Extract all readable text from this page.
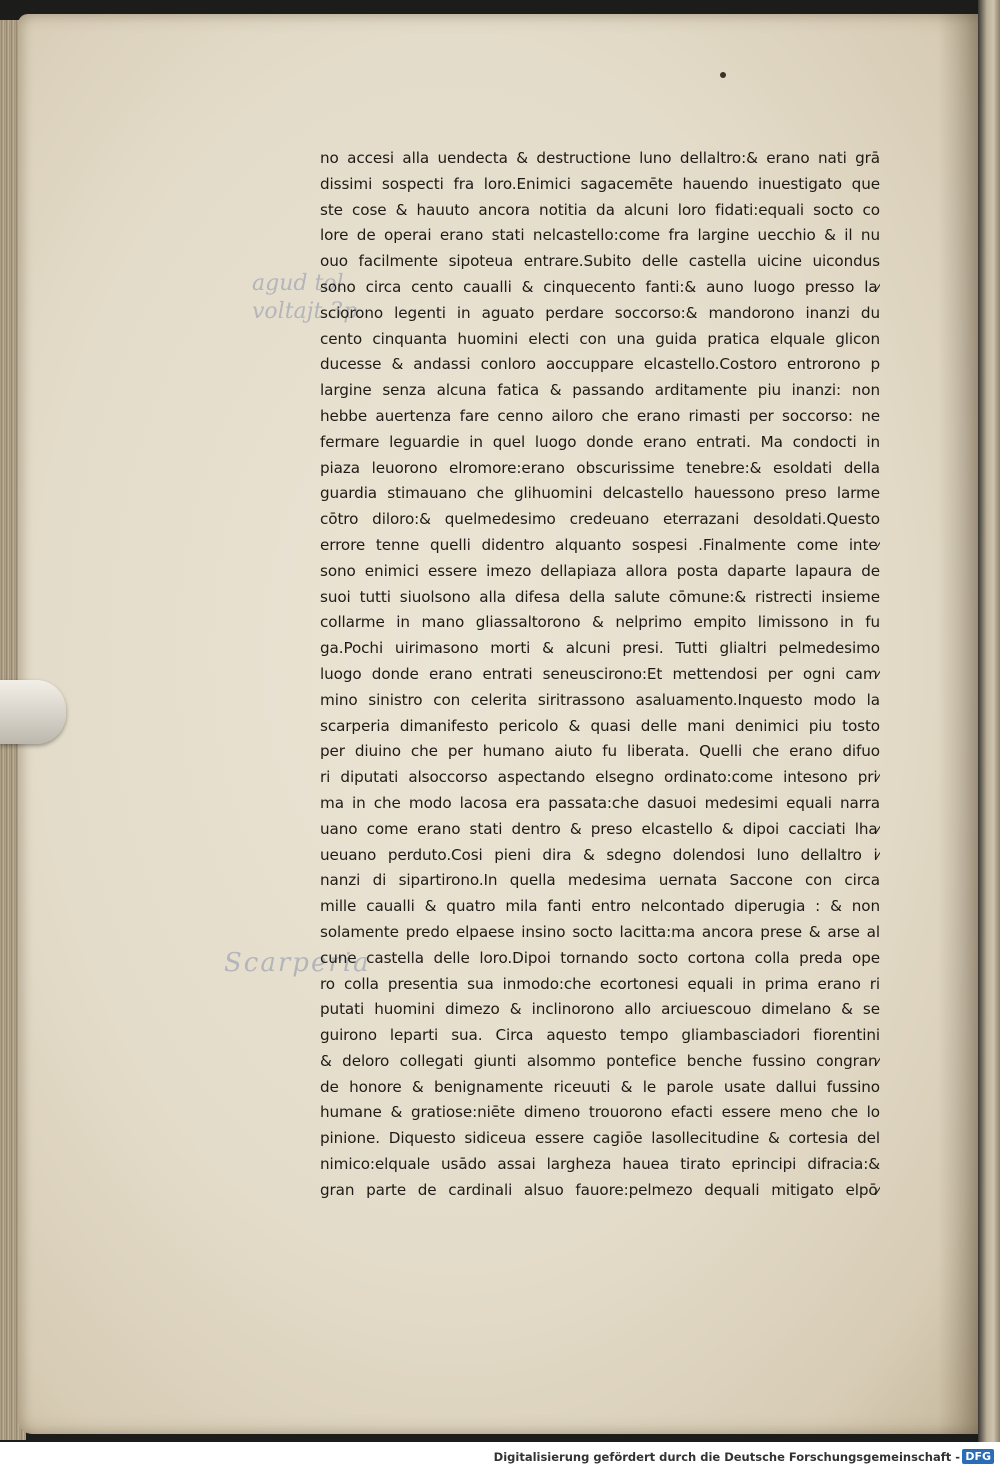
agud tol
voltajt 3p
Scarperia
no accesi alla uendecta & destructione luno dellaltro:& erano nati grā
dissimi sospecti fra loro.Enimici sagacemēte hauendo inuestigato que
ste cose & hauuto ancora notitia da alcuni loro fidati:equali socto co
lore de operai erano stati nelcastello:come fra largine uecchio & il nu
ouo facilmente sipoteua entrare.Subito delle castella uicine uicondus
sono circa cento caualli & cinquecento fanti:& auno luogo presso la⁄
sciorono legenti in aguato perdare soccorso:& mandorono inanzi du
cento cinquanta huomini electi con una guida pratica elquale glicon
ducesse & andassi conloro aoccuppare elcastello.Costoro entrorono p
largine senza alcuna fatica & passando arditamente piu inanzi: non
hebbe auertenza fare cenno ailoro che erano rimasti per soccorso: ne
fermare leguardie in quel luogo donde erano entrati. Ma condocti in
piaza leuorono elromore:erano obscurissime tenebre:& esoldati della
guardia stimauano che glihuomini delcastello hauessono preso larme
cōtro diloro:& quelmedesimo credeuano eterrazani desoldati.Questo
errore tenne quelli didentro alquanto sospesi .Finalmente come inte⁄
sono enimici essere imezo dellapiaza allora posta daparte lapaura de
suoi tutti siuolsono alla difesa della salute cōmune:& ristrecti insieme
collarme in mano gliassaltorono & nelprimo empito limissono in fu
ga.Pochi uirimasono morti & alcuni presi. Tutti glialtri pelmedesimo
luogo donde erano entrati seneuscirono:Et mettendosi per ogni cam⁄
mino sinistro con celerita siritrassono asaluamento.Inquesto modo la
scarperia dimanifesto pericolo & quasi delle mani denimici piu tosto
per diuino che per humano aiuto fu liberata. Quelli che erano difuo
ri diputati alsoccorso aspectando elsegno ordinato:come intesono pri⁄
ma in che modo lacosa era passata:che dasuoi medesimi equali narra
uano come erano stati dentro & preso elcastello & dipoi cacciati lha⁄
ueuano perduto.Cosi pieni dira & sdegno dolendosi luno dellaltro i⁄
nanzi di sipartirono.In quella medesima uernata Saccone con circa
mille caualli & quatro mila fanti entro nelcontado diperugia : & non
solamente predo elpaese insino socto lacitta:ma ancora prese & arse al
cune castella delle loro.Dipoi tornando socto cortona colla preda ope
ro colla presentia sua inmodo:che ecortonesi equali in prima erano ri
putati huomini dimezo & inclinorono allo arciuescouo dimelano & se
guirono leparti sua. Circa aquesto tempo gliambasciadori fiorentini
& deloro collegati giunti alsommo pontefice benche fussino congran⁄
de honore & benignamente riceuuti & le parole usate dallui fussino
humane & gratiose:niēte dimeno trouorono efacti essere meno che lo
pinione. Diquesto sidiceua essere cagiōe lasollecitudine & cortesia del
nimico:elquale usādo assai largheza hauea tirato eprincipi difracia:&
gran parte de cardinali alsuo fauore:pelmezo dequali mitigato elpō⁄
Digitalisierung gefördert durch die Deutsche Forschungsgemeinschaft - DFG
